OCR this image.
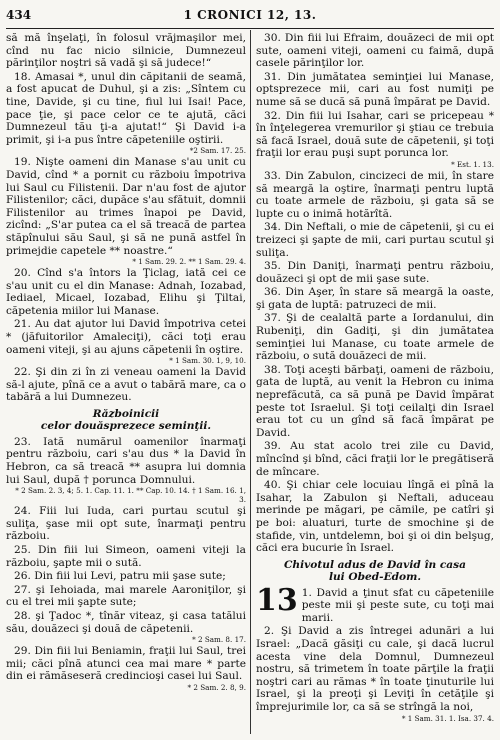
434	1 CRONICI 12, 13.

să mă înşelaţi, în folosul vrăjmaşilor mei, cînd nu fac nicio silnicie, Dumnezeul părinţilor noştri să vadă şi să judece!“

18. Amasai *, unul din căpitanii de seamă, a fost apucat de Duhul, şi a zis: „Sîntem cu tine, Davide, şi cu tine, fiul lui Isai! Pace, pace ţie, şi pace celor ce te ajută, căci Dumnezeul tău ţi-a ajutat!“ Şi David i-a primit, şi i-a pus între căpeteniile oştirii.
*2 Sam. 17. 25.

19. Nişte oameni din Manase s'au unit cu David, cînd * a pornit cu războiu împotriva lui Saul cu Filistenii. Dar n'au fost de ajutor Filistenilor; căci, dupăce s'au sfătuit, domnii Filistenilor au trimes înapoi pe David, zicînd: „S'ar putea ca el să treacă de partea stăpînului său Saul, şi să ne pună astfel în primejdie capetele ** noastre.“
* 1 Sam. 29. 2. ** 1 Sam. 29. 4.

20. Cînd s'a întors la Ţiclag, iată cei ce s'au unit cu el din Manase: Adnah, Iozabad, Iediael, Micael, Iozabad, Elihu şi Ţiltai, căpetenia miilor lui Manase.

21. Au dat ajutor lui David împotriva cetei * (jăfuitorilor Amaleciţi), căci toţi erau oameni viteji, şi au ajuns căpetenii în oştire.
* 1 Sam. 30. 1, 9, 10.

22. Şi din zi în zi veneau oameni la David să-l ajute, pînă ce a avut o tabără mare, ca o tabără a lui Dumnezeu.

Războinicii
celor douăsprezece seminţii.

23. Iată numărul oamenilor înarmaţi pentru războiu, cari s'au dus * la David în Hebron, ca să treacă ** asupra lui domnia lui Saul, după † porunca Domnului.
* 2 Sam. 2. 3, 4; 5. 1. Cap. 11. 1. ** Cap. 10. 14. † 1 Sam. 16. 1, 3.

24. Fiii lui Iuda, cari purtau scutul şi suliţa, şase mii opt sute, înarmaţi pentru războiu.

25. Din fiii lui Simeon, oameni viteji la războiu, şapte mii o sută.

26. Din fiii lui Levi, patru mii şase sute;

27. şi Iehoiada, mai marele Aaroniţilor, şi cu el trei mii şapte sute;

28. şi Ţadoc *, tînăr viteaz, şi casa tatălui său, douăzeci şi două de căpetenii.
* 2 Sam. 8. 17.

29. Din fiii lui Beniamin, fraţii lui Saul, trei mii; căci pînă atunci cea mai mare * parte din ei rămăseseră credincioşi casei lui Saul.
* 2 Sam. 2. 8, 9.

30. Din fiii lui Efraim, douăzeci de mii opt sute, oameni viteji, oameni cu faimă, după casele părinţilor lor.

31. Din jumătatea seminţiei lui Manase, optsprezece mii, cari au fost numiţi pe nume să se ducă să pună împărat pe David.

32. Din fiii lui Isahar, cari se pricepeau * în înţelegerea vremurilor şi ştiau ce trebuia să facă Israel, două sute de căpetenii, şi toţi fraţii lor erau puşi supt porunca lor.
* Est. 1. 13.

33. Din Zabulon, cincizeci de mii, în stare să meargă la oştire, înarmaţi pentru luptă cu toate armele de războiu, şi gata să se lupte cu o inimă hotărîtă.

34. Din Neftali, o mie de căpetenii, şi cu ei treizeci şi şapte de mii, cari purtau scutul şi suliţa.

35. Din Daniţi, înarmaţi pentru războiu, douăzeci şi opt de mii şase sute.

36. Din Aşer, în stare să meargă la oaste, şi gata de luptă: patruzeci de mii.

37. Şi de cealaltă parte a Iordanului, din Rubeniţi, din Gadiţi, şi din jumătatea seminţiei lui Manase, cu toate armele de războiu, o sută douăzeci de mii.

38. Toţi aceşti bărbaţi, oameni de războiu, gata de luptă, au venit la Hebron cu inima neprefăcută, ca să pună pe David împărat peste tot Israelul. Şi toţi ceilalţi din Israel erau tot cu un gînd să facă împărat pe David.

39. Au stat acolo trei zile cu David, mîncînd şi bînd, căci fraţii lor le pregătiseră de mîncare.

40. Şi chiar cele locuiau lîngă ei pînă la Isahar, la Zabulon şi Neftali, aduceau merinde pe măgari, pe cămile, pe catîri şi pe boi: aluaturi, turte de smochine şi de stafide, vin, untdelemn, boi şi oi din belşug, căci era bucurie în Israel.

Chivotul adus de David în casa
lui Obed-Edom.

13 1. David a ţinut sfat cu căpeteniile peste mii şi peste sute, cu toţi mai marii.

2. Şi David a zis întregei adunări a lui Israel: „Dacă găsiţi cu cale, şi dacă lucrul acesta vine dela Domnul, Dumnezeul nostru, să trimetem în toate părţile la fraţii noştri cari au rămas * în toate ţinuturile lui Israel, şi la preoţi şi Leviţi în cetăţile şi împrejurimile lor, ca să se strîngă la noi,
* 1 Sam. 31. 1. Isa. 37. 4.
